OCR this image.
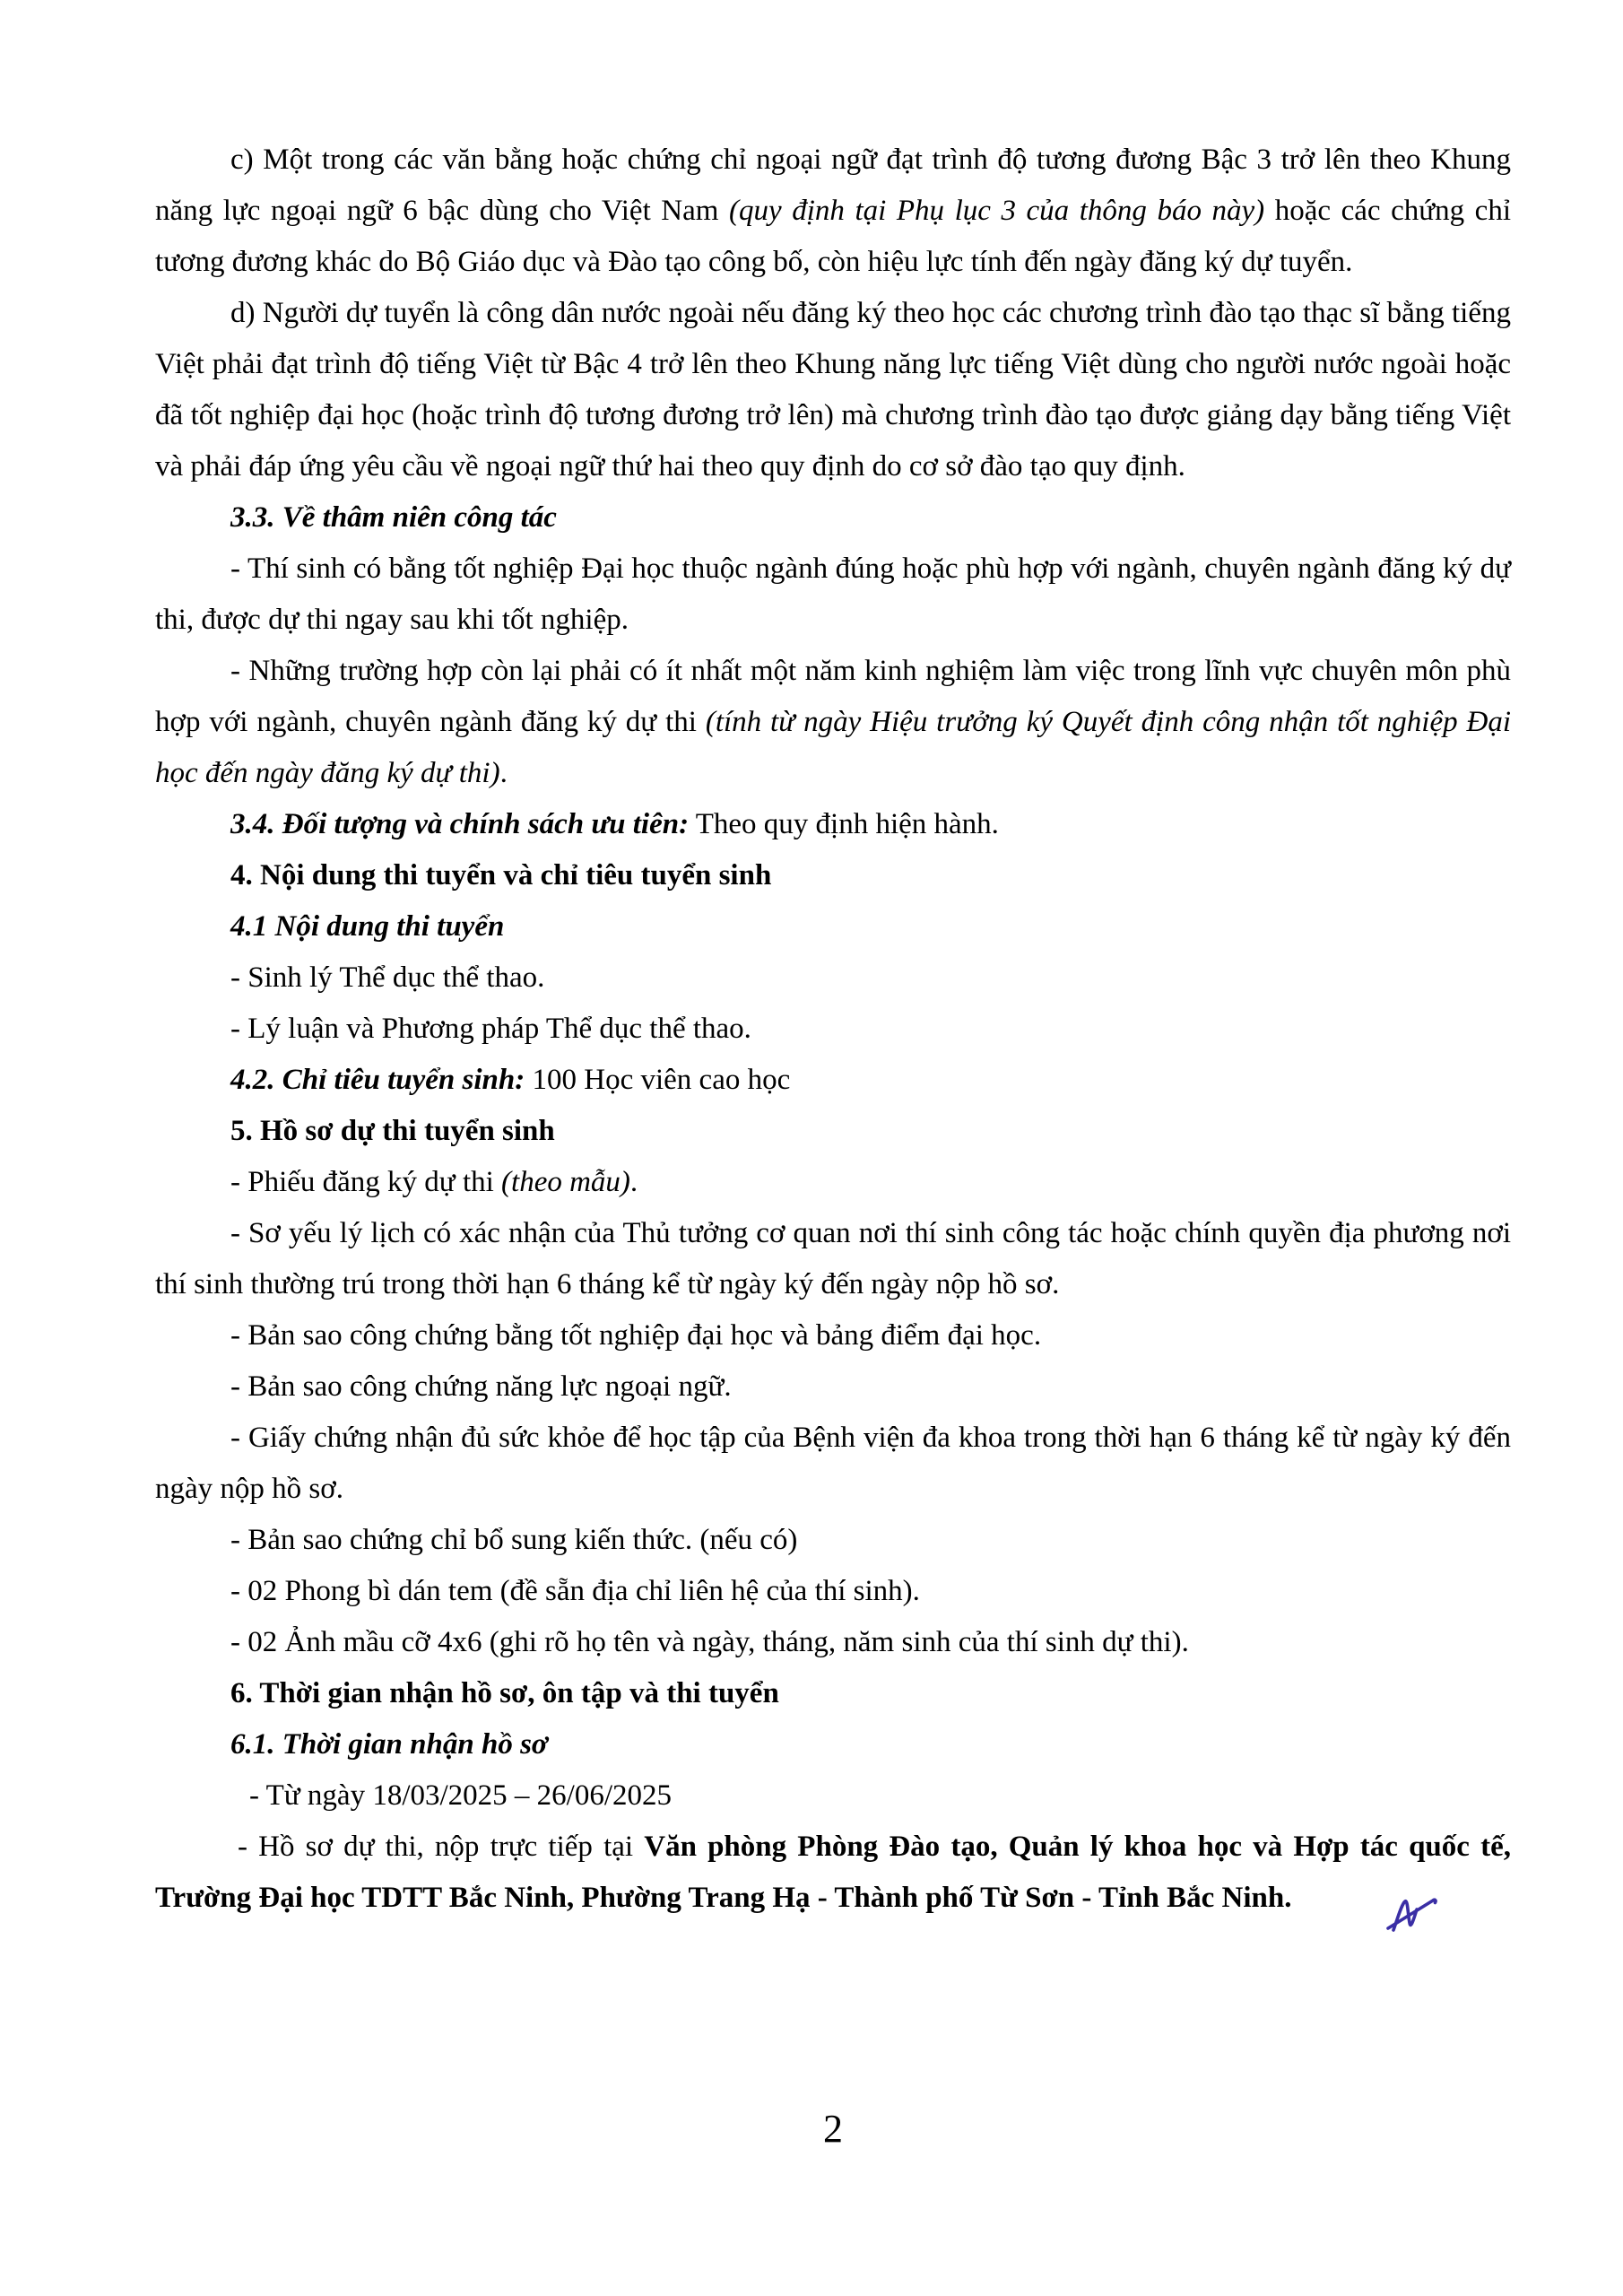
c) Một trong các văn bằng hoặc chứng chỉ ngoại ngữ đạt trình độ tương đương Bậc 3 trở lên theo Khung năng lực ngoại ngữ 6 bậc dùng cho Việt Nam (quy định tại Phụ lục 3 của thông báo này) hoặc các chứng chỉ tương đương khác do Bộ Giáo dục và Đào tạo công bố, còn hiệu lực tính đến ngày đăng ký dự tuyển.

d) Người dự tuyển là công dân nước ngoài nếu đăng ký theo học các chương trình đào tạo thạc sĩ bằng tiếng Việt phải đạt trình độ tiếng Việt từ Bậc 4 trở lên theo Khung năng lực tiếng Việt dùng cho người nước ngoài hoặc đã tốt nghiệp đại học (hoặc trình độ tương đương trở lên) mà chương trình đào tạo được giảng dạy bằng tiếng Việt và phải đáp ứng yêu cầu về ngoại ngữ thứ hai theo quy định do cơ sở đào tạo quy định.

3.3. Về thâm niên công tác

- Thí sinh có bằng tốt nghiệp Đại học thuộc ngành đúng hoặc phù hợp với ngành, chuyên ngành đăng ký dự thi, được dự thi ngay sau khi tốt nghiệp.

- Những trường hợp còn lại phải có ít nhất một năm kinh nghiệm làm việc trong lĩnh vực chuyên môn phù hợp với ngành, chuyên ngành đăng ký dự thi (tính từ ngày Hiệu trưởng ký Quyết định công nhận tốt nghiệp Đại học đến ngày đăng ký dự thi).

3.4. Đối tượng và chính sách ưu tiên: Theo quy định hiện hành.

4. Nội dung thi tuyển và chỉ tiêu tuyển sinh

4.1 Nội dung thi tuyển

- Sinh lý Thể dục thể thao.

- Lý luận và Phương pháp Thể dục thể thao.

4.2. Chỉ tiêu tuyển sinh: 100 Học viên cao học

5. Hồ sơ dự thi tuyển sinh

- Phiếu đăng ký dự thi (theo mẫu).

- Sơ yếu lý lịch có xác nhận của Thủ tưởng cơ quan nơi thí sinh công tác hoặc chính quyền địa phương nơi thí sinh thường trú trong thời hạn 6 tháng kể từ ngày ký đến ngày nộp hồ sơ.

- Bản sao công chứng bằng tốt nghiệp đại học và bảng điểm đại học.

- Bản sao công chứng năng lực ngoại ngữ.

- Giấy chứng nhận đủ sức khỏe để học tập của Bệnh viện đa khoa trong thời hạn 6 tháng kể từ ngày ký đến ngày nộp hồ sơ.

- Bản sao chứng chỉ bổ sung kiến thức. (nếu có)

- 02 Phong bì dán tem (đề sẵn địa chỉ liên hệ của thí sinh).

- 02 Ảnh mầu cỡ 4x6 (ghi rõ họ tên và ngày, tháng, năm sinh của thí sinh dự thi).

6. Thời gian nhận hồ sơ, ôn tập và thi tuyển

6.1. Thời gian nhận hồ sơ

- Từ ngày 18/03/2025 – 26/06/2025

- Hồ sơ dự thi, nộp trực tiếp tại Văn phòng Phòng Đào tạo, Quản lý khoa học và Hợp tác quốc tế, Trường Đại học TDTT Bắc Ninh, Phường Trang Hạ - Thành phố Từ Sơn - Tỉnh Bắc Ninh.

2
